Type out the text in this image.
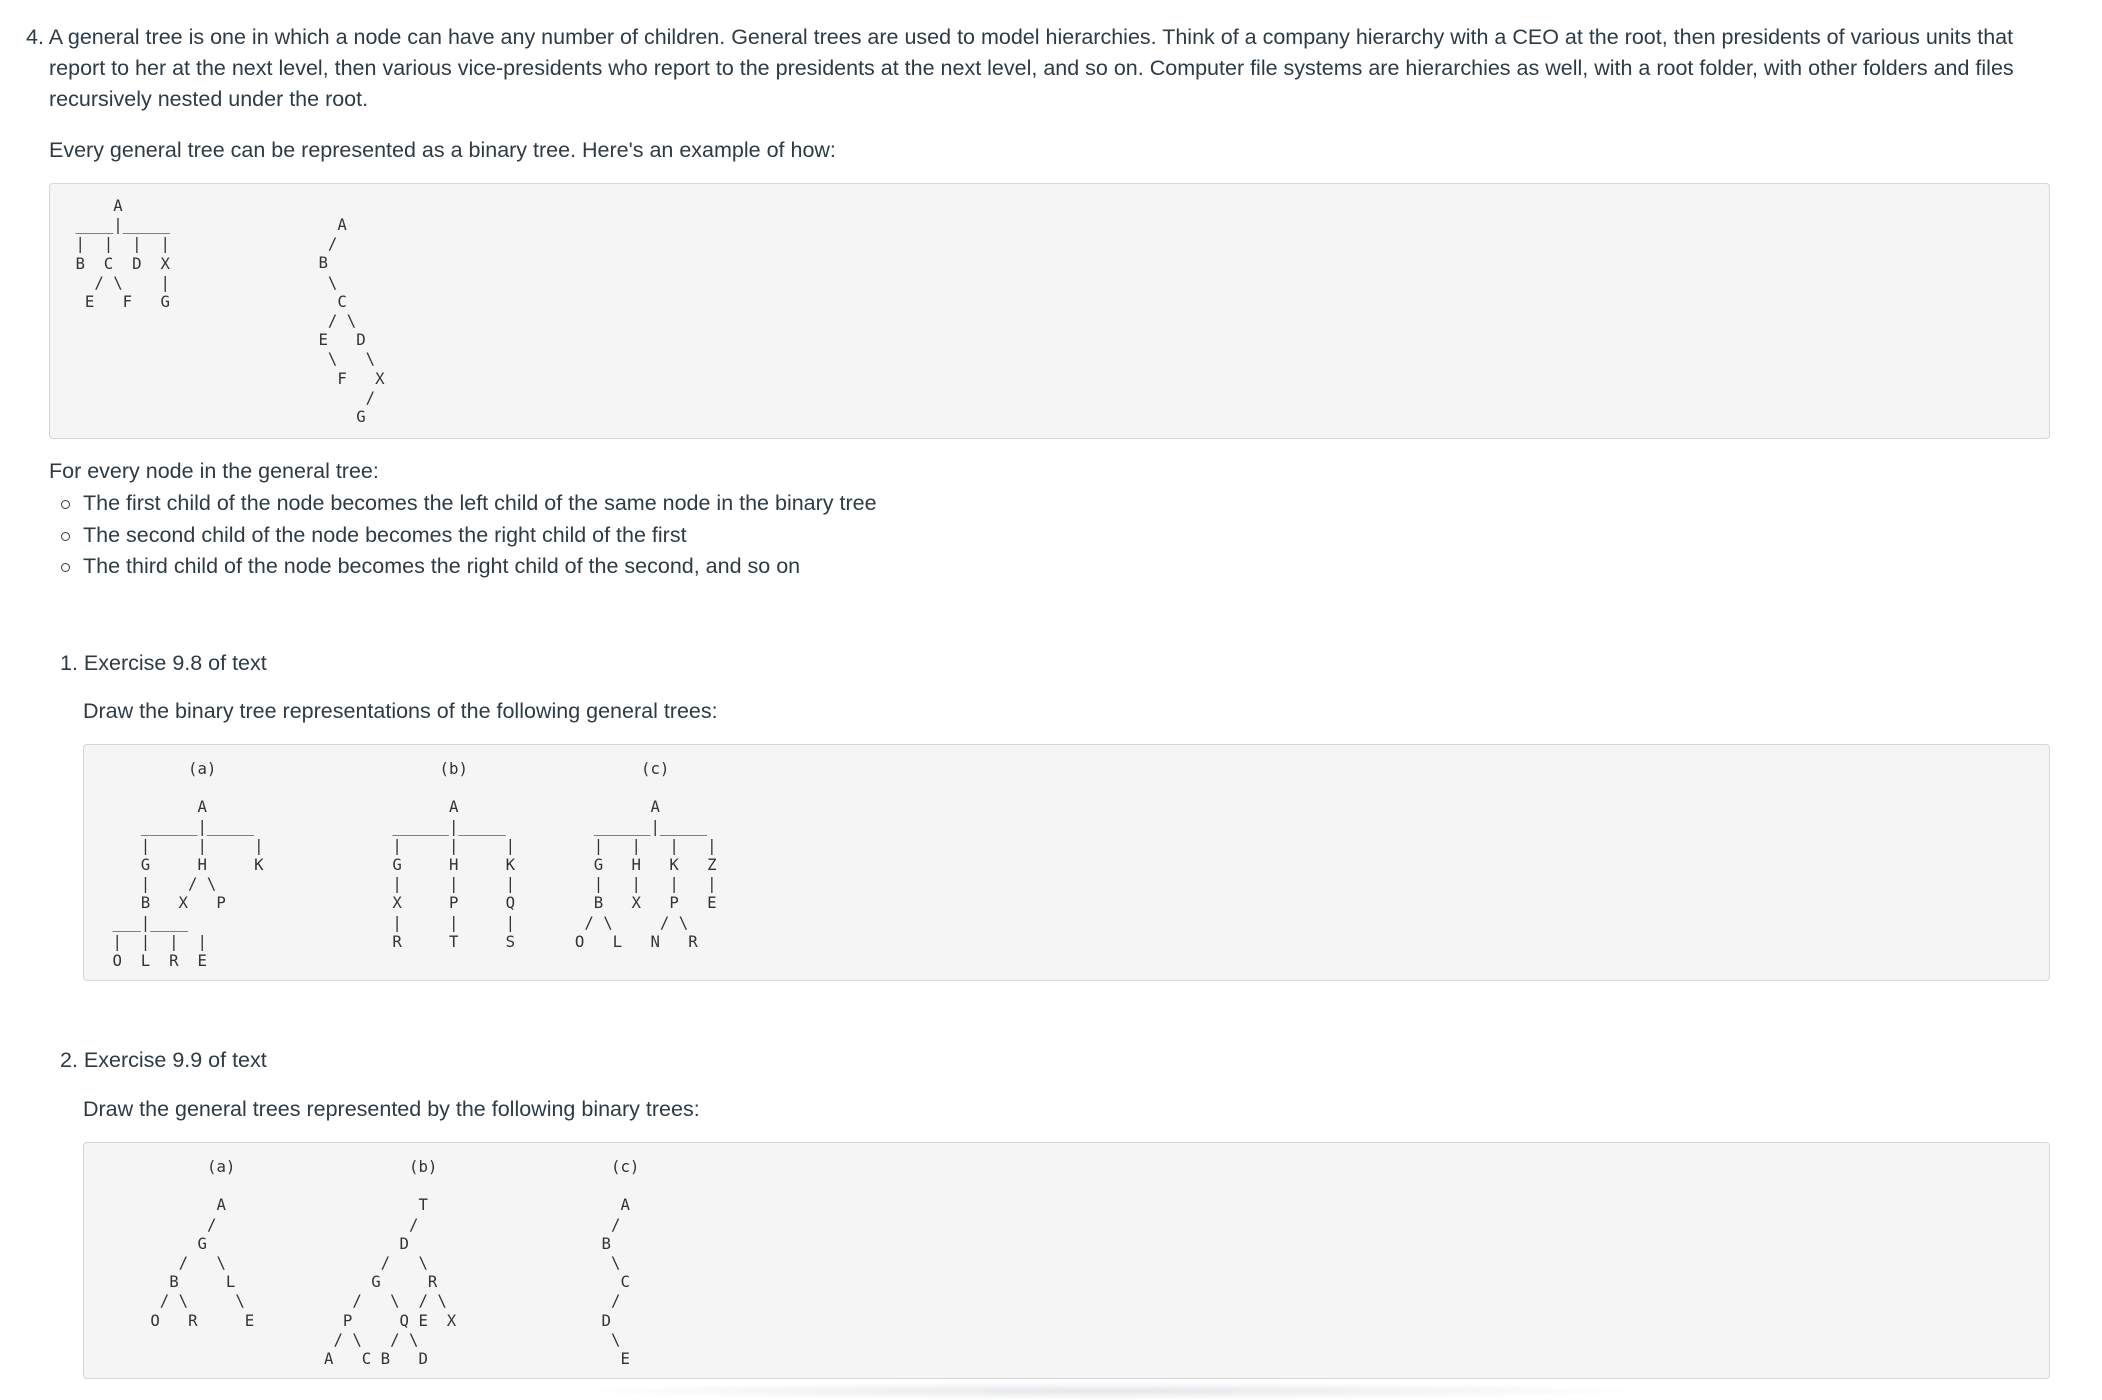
4. A general tree is one in which a node can have any number of children. General trees are used to model hierarchies. Think of a company hierarchy with a CEO at the root, then presidents of various units that report to her at the next level, then various vice-presidents who report to the presidents at the next level, and so on. Computer file systems are hierarchies as well, with a root folder, with other folders and files recursively nested under the root.
Every general tree can be represented as a binary tree. Here's an example of how:
A
____|_____
|  |  |  |
B  C  D  X
/ \    |
E   F   G
A
/
B
\
C
/ \
E   D
\   \
F   X
/
G
For every node in the general tree:
The first child of the node becomes the left child of the same node in the binary tree
The second child of the node becomes the right child of the first
The third child of the node becomes the right child of the second, and so on
1. Exercise 9.8 of text
Draw the binary tree representations of the following general trees:
(a)

A
______|_____
|     |     |
G     H     K
|    / \
B   X   P
___|____
|  |  |  |
O  L  R  E
(b)

A
______|_____
|     |     |
G     H     K
|     |     |
X     P     Q
|     |     |
R     T     S
(c)

A
______|_____
|   |   |   |
G   H   K   Z
|   |   |   |
B   X   P   E
/ \     / \
O   L   N   R
2. Exercise 9.9 of text
Draw the general trees represented by the following binary trees:
(a)

A
/
G
/   \
B     L
/ \     \
O   R     E
(b)

T
/
D
/   \
G     R
/   \  / \
P     Q E  X
/ \   / \
A   C B   D
(c)

A
/
B
\
C
/
D
\
E
